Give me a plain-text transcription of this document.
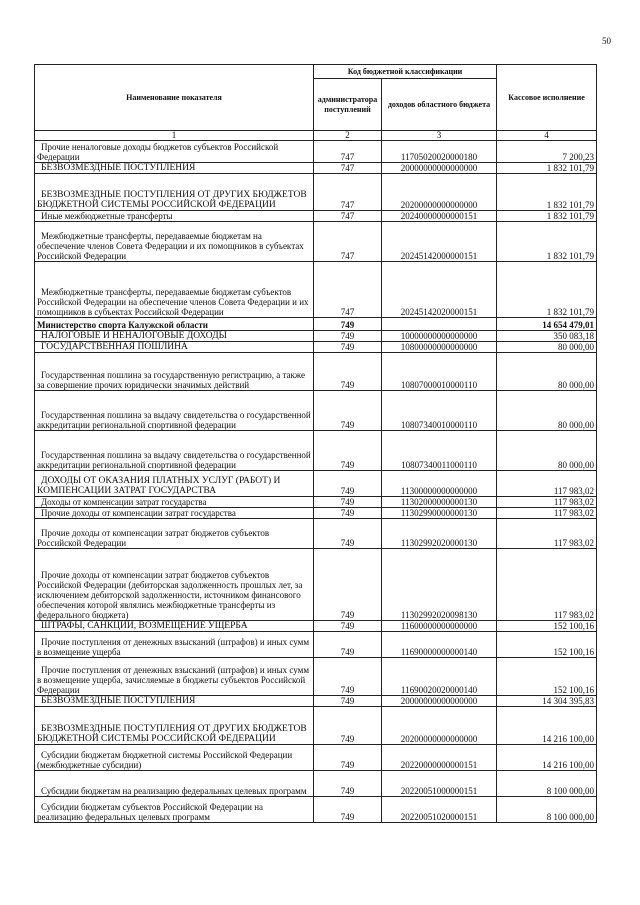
50
Наименование показателя	Код бюджетной классификации		Кассовое исполнение
	администратора поступлений	доходов областного бюджета	
1	2	3	4
Прочие неналоговые доходы бюджетов субъектов Российской Федерации	747	11705020020000180	7 200,23
БЕЗВОЗМЕЗДНЫЕ ПОСТУПЛЕНИЯ	747	20000000000000000	1 832 101,79
БЕЗВОЗМЕЗДНЫЕ ПОСТУПЛЕНИЯ ОТ ДРУГИХ БЮДЖЕТОВ БЮДЖЕТНОЙ СИСТЕМЫ РОССИЙСКОЙ ФЕДЕРАЦИИ	747	20200000000000000	1 832 101,79
Иные межбюджетные трансферты	747	20240000000000151	1 832 101,79
Межбюджетные трансферты, передаваемые бюджетам на обеспечение членов Совета Федерации и их помощников в субъектах Российской Федерации	747	20245142000000151	1 832 101,79
Межбюджетные трансферты, передаваемые бюджетам субъектов Российской Федерации на обеспечение членов Совета Федерации и их помощников в субъектах Российской Федерации	747	20245142020000151	1 832 101,79
Министерство спорта Калужской области	749		14 654 479,01
НАЛОГОВЫЕ И НЕНАЛОГОВЫЕ ДОХОДЫ	749	10000000000000000	350 083,18
ГОСУДАРСТВЕННАЯ ПОШЛИНА	749	10800000000000000	80 000,00
Государственная пошлина за государственную регистрацию, а также за совершение прочих юридически значимых действий	749	10807000010000110	80 000,00
Государственная пошлина за выдачу свидетельства о государственной аккредитации региональной спортивной федерации	749	10807340010000110	80 000,00
Государственная пошлина за выдачу свидетельства о государственной аккредитации региональной спортивной федерации	749	10807340011000110	80 000,00
ДОХОДЫ ОТ ОКАЗАНИЯ ПЛАТНЫХ УСЛУГ (РАБОТ) И КОМПЕНСАЦИИ ЗАТРАТ ГОСУДАРСТВА	749	11300000000000000	117 983,02
Доходы от компенсации затрат государства	749	11302000000000130	117 983,02
Прочие доходы от компенсации затрат государства	749	11302990000000130	117 983,02
Прочие доходы от компенсации затрат бюджетов субъектов Российской Федерации	749	11302992020000130	117 983,02
Прочие доходы от компенсации затрат бюджетов субъектов Российской Федерации (дебиторская задолженность прошлых лет, за исключением дебиторской задолженности, источником финансового обеспечения которой являлись межбюджетные трансферты из федерального бюджета)	749	11302992020098130	117 983,02
ШТРАФЫ, САНКЦИИ, ВОЗМЕЩЕНИЕ УЩЕРБА	749	11600000000000000	152 100,16
Прочие поступления от денежных взысканий (штрафов) и иных сумм в возмещение ущерба	749	11690000000000140	152 100,16
Прочие поступления от денежных взысканий (штрафов) и иных сумм в возмещение ущерба, зачисляемые в бюджеты субъектов Российской Федерации	749	11690020020000140	152 100,16
БЕЗВОЗМЕЗДНЫЕ ПОСТУПЛЕНИЯ	749	20000000000000000	14 304 395,83
БЕЗВОЗМЕЗДНЫЕ ПОСТУПЛЕНИЯ ОТ ДРУГИХ БЮДЖЕТОВ БЮДЖЕТНОЙ СИСТЕМЫ РОССИЙСКОЙ ФЕДЕРАЦИИ	749	20200000000000000	14 216 100,00
Субсидии бюджетам бюджетной системы Российской Федерации (межбюджетные субсидии)	749	20220000000000151	14 216 100,00
Субсидии бюджетам на реализацию федеральных целевых программ	749	20220051000000151	8 100 000,00
Субсидии бюджетам субъектов Российской Федерации на реализацию федеральных целевых программ	749	20220051020000151	8 100 000,00
